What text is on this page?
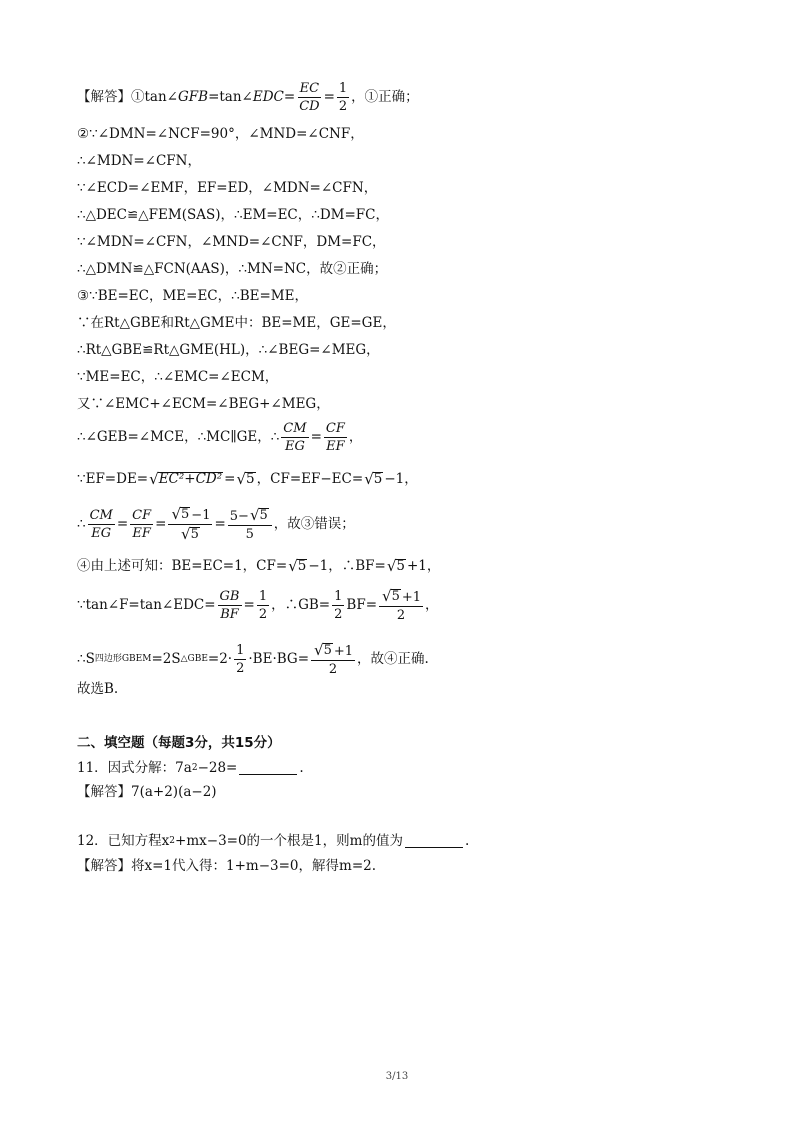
【解答】①tan∠ GFB =tan∠ EDC = $\frac{EC}{CD} = \frac{1}{2}$ ，①正确；
②∵∠DMN=∠NCF=90°，∠MND=∠CNF，
∴∠MDN=∠CFN，
∵∠ECD=∠EMF，EF=ED，∠MDN=∠CFN，
∴△DEC≌△FEM(SAS)，∴EM=EC，∴DM=FC，
∵∠MDN=∠CFN，∠MND=∠CNF，DM=FC，
∴△DMN≌△FCN(AAS)，∴MN=NC，故②正确；
③∵BE=EC，ME=EC，∴BE=ME，
∵在Rt△GBE和Rt△GME中：BE=ME，GE=GE，
∴Rt△GBE≌Rt△GME(HL)，∴∠BEG=∠MEG，
∵ME=EC，∴∠EMC=∠ECM，
又∵∠EMC+∠ECM=∠BEG+∠MEG，
∴∠GEB=∠MCE，∴MC∥GE，∴ $\frac{CM}{EG} = \frac{CF}{EF}$ ，
∵EF=DE= √ EC²+CD² = √ 5 ，CF=EF−EC= √ 5 −1，
∴ $\frac{CM}{EG} = \frac{CF}{EF} = \frac{√ 5 -1}{√ 5} = \frac{5- √ 5}{5}$ ，故③错误；
④由上述可知：BE=EC=1，CF= √ 5 −1，∴BF= √ 5 +1，
∵tan∠F=tan∠EDC= $\frac{GB}{BF} = \frac{1}{2}$ ，∴GB= $\frac{1}{2} BF= \frac{√ 5 +1}{2}$ ，
∴S 四边形GBEM =2S △GBE $=2\cdot \frac{1}{2} \cdot BE\cdot BG= \frac{√ 5 +1}{2}$ ，故④正确.
故选B.
二、填空题（每题3分，共15分）
11．因式分解：7a 2 −28=	.
【解答】7(a+2)(a−2)
12．已知方程x 2 +mx−3=0的一个根是1，则m的值为	.
【解答】将x=1代入得：1+m−3=0，解得m=2.
3/13
